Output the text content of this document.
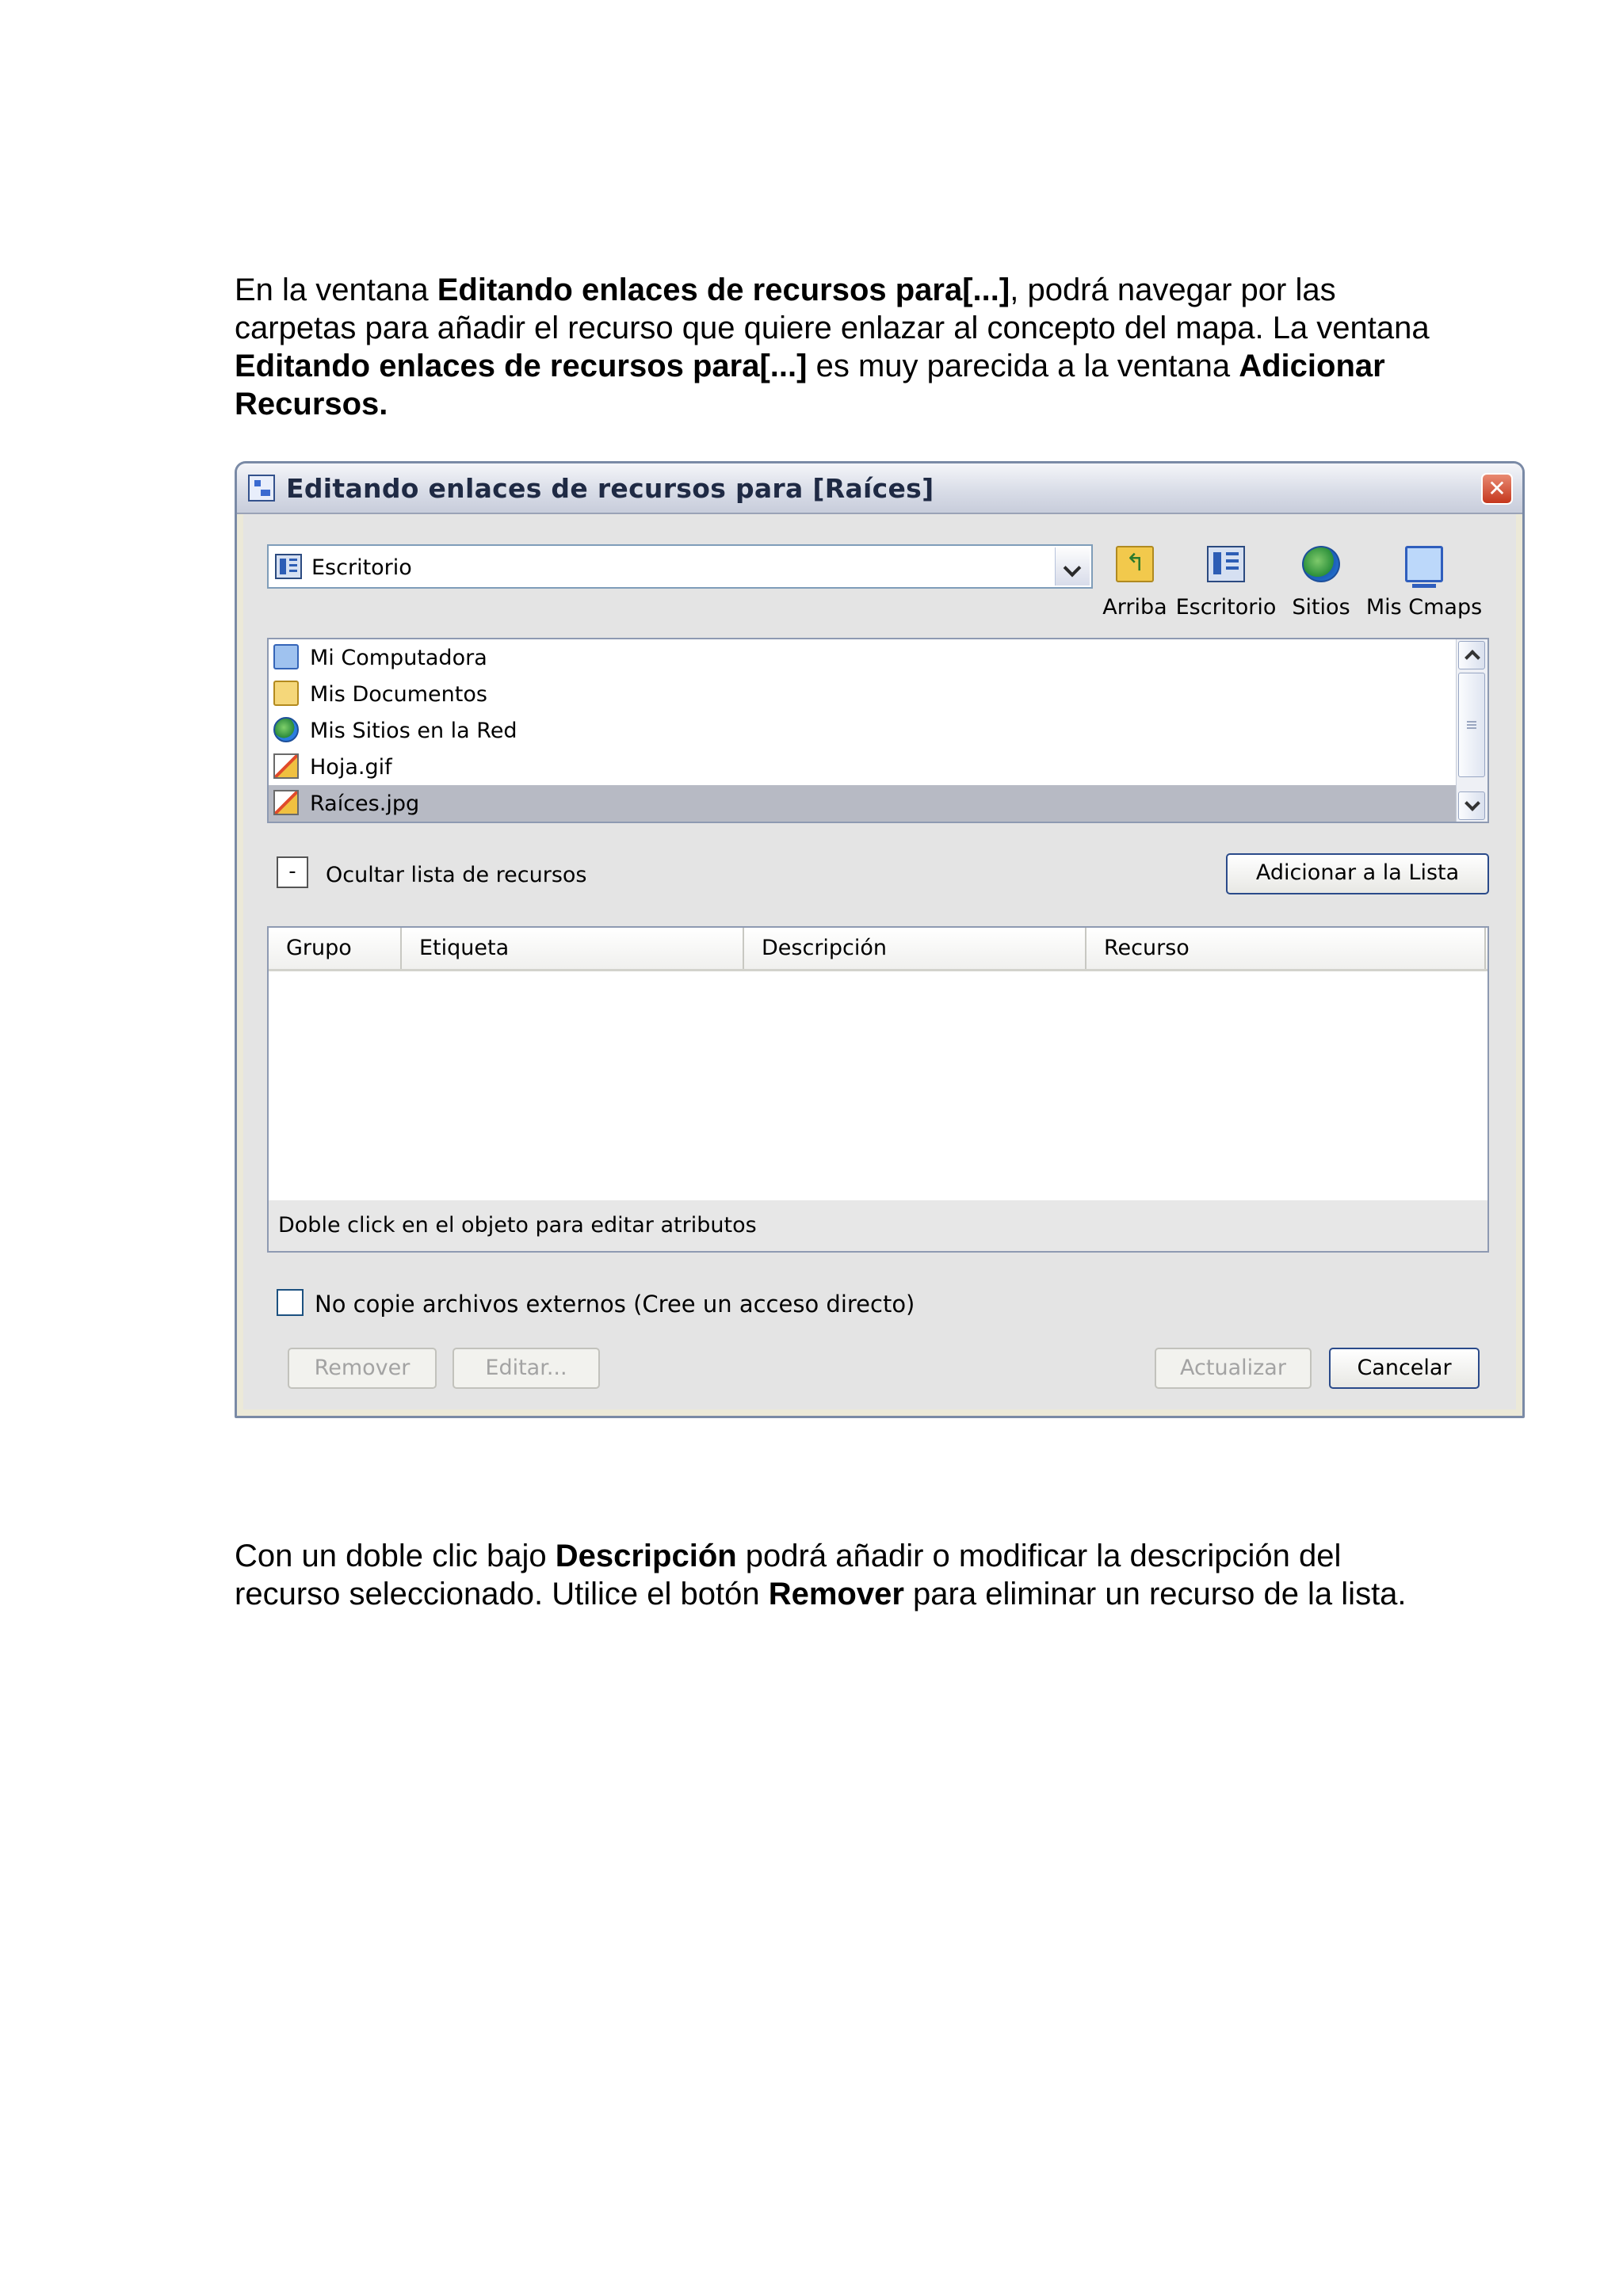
En la ventana Editando enlaces de recursos para[...], podrá navegar por las carpetas para añadir el recurso que quiere enlazar al concepto del mapa. La ventana Editando enlaces de recursos para[...] es muy parecida a la ventana Adicionar Recursos.

Editando enlaces de recursos para [Raíces]	✕
Escritorio
↰
Arriba Escritorio Sitios Mis Cmaps
Mi Computadora
Mis Documentos
Mis Sitios en la Red
Hoja.gif
Raíces.jpg
-	Ocultar lista de recursos	Adicionar a la Lista
Grupo	Etiqueta	Descripción	Recurso
Doble click en el objeto para editar atributos
No copie archivos externos (Cree un acceso directo)
Remover	Editar...	Actualizar	Cancelar

Con un doble clic bajo Descripción podrá añadir o modificar la descripción del recurso seleccionado. Utilice el botón Remover para eliminar un recurso de la lista.
